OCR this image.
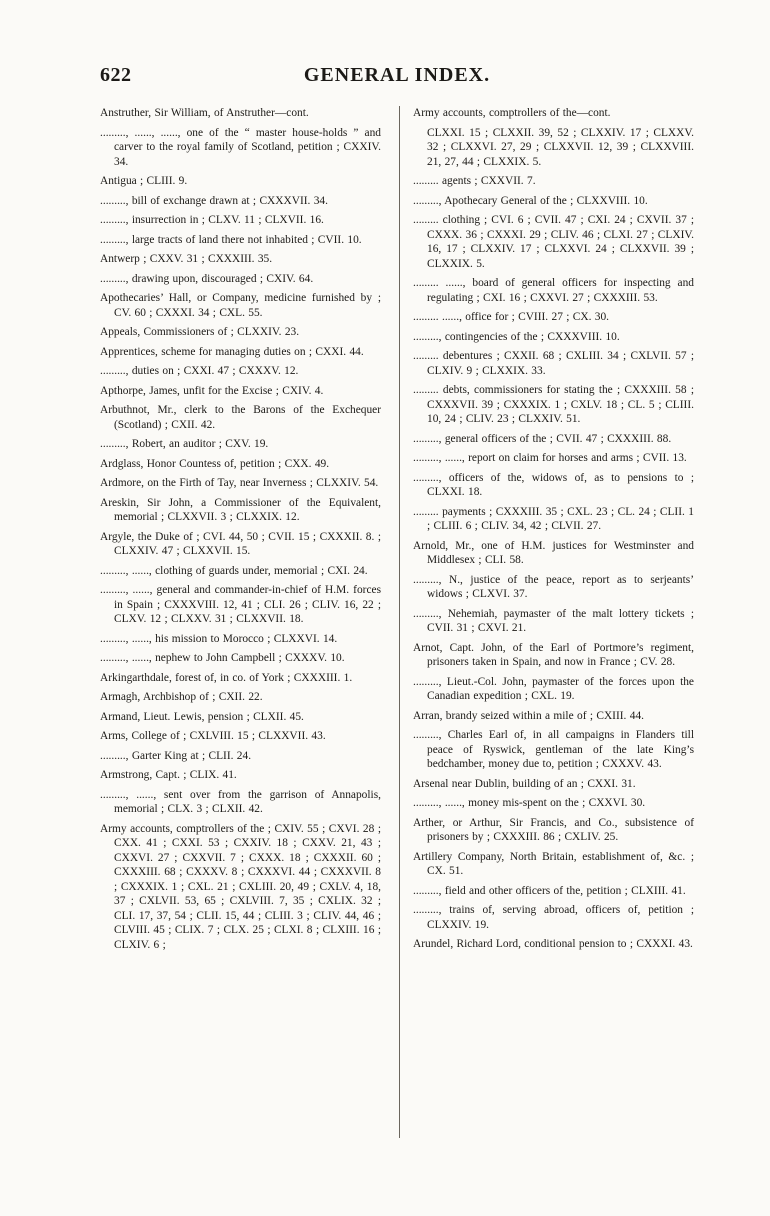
622	GENERAL INDEX.

Anstruther, Sir William, of Anstruther—cont.

........., ......, ......, one of the “ master house-holds ” and carver to the royal family of Scotland, petition ; CXXIV. 34.

Antigua ; CLIII. 9.

........., bill of exchange drawn at ; CXXXVII. 34.

........., insurrection in ; CLXV. 11 ; CLXVII. 16.

........., large tracts of land there not inhabited ; CVII. 10.

Antwerp ; CXXV. 31 ; CXXXIII. 35.

........., drawing upon, discouraged ; CXIV. 64.

Apothecaries’ Hall, or Company, medicine furnished by ; CV. 60 ; CXXXI. 34 ; CXL. 55.

Appeals, Commissioners of ; CLXXIV. 23.

Apprentices, scheme for managing duties on ; CXXI. 44.

........., duties on ; CXXI. 47 ; CXXXV. 12.

Apthorpe, James, unfit for the Excise ; CXIV. 4.

Arbuthnot, Mr., clerk to the Barons of the Exchequer (Scotland) ; CXII. 42.

........., Robert, an auditor ; CXV. 19.

Ardglass, Honor Countess of, petition ; CXX. 49.

Ardmore, on the Firth of Tay, near Inverness ; CLXXIV. 54.

Areskin, Sir John, a Commissioner of the Equivalent, memorial ; CLXXVII. 3 ; CLXXIX. 12.

Argyle, the Duke of ; CVI. 44, 50 ; CVII. 15 ; CXXXII. 8. ; CLXXIV. 47 ; CLXXVII. 15.

........., ......, clothing of guards under, memorial ; CXI. 24.

........., ......, general and commander-in-chief of H.M. forces in Spain ; CXXXVIII. 12, 41 ; CLI. 26 ; CLIV. 16, 22 ; CLXV. 12 ; CLXXV. 31 ; CLXXVII. 18.

........., ......, his mission to Morocco ; CLXXVI. 14.

........., ......, nephew to John Campbell ; CXXXV. 10.

Arkingarthdale, forest of, in co. of York ; CXXXIII. 1.

Armagh, Archbishop of ; CXII. 22.

Armand, Lieut. Lewis, pension ; CLXII. 45.

Arms, College of ; CXLVIII. 15 ; CLXXVII. 43.

........., Garter King at ; CLII. 24.

Armstrong, Capt. ; CLIX. 41.

........., ......, sent over from the garrison of Annapolis, memorial ; CLX. 3 ; CLXII. 42.

Army accounts, comptrollers of the ; CXIV. 55 ; CXVI. 28 ; CXX. 41 ; CXXI. 53 ; CXXIV. 18 ; CXXV. 21, 43 ; CXXVI. 27 ; CXXVII. 7 ; CXXX. 18 ; CXXXII. 60 ; CXXXIII. 68 ; CXXXV. 8 ; CXXXVI. 44 ; CXXXVII. 8 ; CXXXIX. 1 ; CXL. 21 ; CXLIII. 20, 49 ; CXLV. 4, 18, 37 ; CXLVII. 53, 65 ; CXLVIII. 7, 35 ; CXLIX. 32 ; CLI. 17, 37, 54 ; CLII. 15, 44 ; CLIII. 3 ; CLIV. 44, 46 ; CLVIII. 45 ; CLIX. 7 ; CLX. 25 ; CLXI. 8 ; CLXIII. 16 ; CLXIV. 6 ;

Army accounts, comptrollers of the—cont.

CLXXI. 15 ; CLXXII. 39, 52 ; CLXXIV. 17 ; CLXXV. 32 ; CLXXVI. 27, 29 ; CLXXVII. 12, 39 ; CLXXVIII. 21, 27, 44 ; CLXXIX. 5.

......... agents ; CXXVII. 7.

........., Apothecary General of the ; CLXXVIII. 10.

......... clothing ; CVI. 6 ; CVII. 47 ; CXI. 24 ; CXVII. 37 ; CXXX. 36 ; CXXXI. 29 ; CLIV. 46 ; CLXI. 27 ; CLXIV. 16, 17 ; CLXXIV. 17 ; CLXXVI. 24 ; CLXXVII. 39 ; CLXXIX. 5.

......... ......, board of general officers for inspecting and regulating ; CXI. 16 ; CXXVI. 27 ; CXXXIII. 53.

......... ......, office for ; CVIII. 27 ; CX. 30.

........., contingencies of the ; CXXXVIII. 10.

......... debentures ; CXXII. 68 ; CXLIII. 34 ; CXLVII. 57 ; CLXIV. 9 ; CLXXIX. 33.

......... debts, commissioners for stating the ; CXXXIII. 58 ; CXXXVII. 39 ; CXXXIX. 1 ; CXLV. 18 ; CL. 5 ; CLIII. 10, 24 ; CLIV. 23 ; CLXXIV. 51.

........., general officers of the ; CVII. 47 ; CXXXIII. 88.

........., ......, report on claim for horses and arms ; CVII. 13.

........., officers of the, widows of, as to pensions to ; CLXXI. 18.

......... payments ; CXXXIII. 35 ; CXL. 23 ; CL. 24 ; CLII. 1 ; CLIII. 6 ; CLIV. 34, 42 ; CLVII. 27.

Arnold, Mr., one of H.M. justices for Westminster and Middlesex ; CLI. 58.

........., N., justice of the peace, report as to serjeants’ widows ; CLXVI. 37.

........., Nehemiah, paymaster of the malt lottery tickets ; CVII. 31 ; CXVI. 21.

Arnot, Capt. John, of the Earl of Portmore’s regiment, prisoners taken in Spain, and now in France ; CV. 28.

........., Lieut.-Col. John, paymaster of the forces upon the Canadian expedition ; CXL. 19.

Arran, brandy seized within a mile of ; CXIII. 44.

........., Charles Earl of, in all campaigns in Flanders till peace of Ryswick, gentleman of the late King’s bedchamber, money due to, petition ; CXXXV. 43.

Arsenal near Dublin, building of an ; CXXI. 31.

........., ......, money mis-spent on the ; CXXVI. 30.

Arther, or Arthur, Sir Francis, and Co., subsistence of prisoners by ; CXXXIII. 86 ; CXLIV. 25.

Artillery Company, North Britain, establishment of, &c. ; CX. 51.

........., field and other officers of the, petition ; CLXIII. 41.

........., trains of, serving abroad, officers of, petition ; CLXXIV. 19.

Arundel, Richard Lord, conditional pension to ; CXXXI. 43.
